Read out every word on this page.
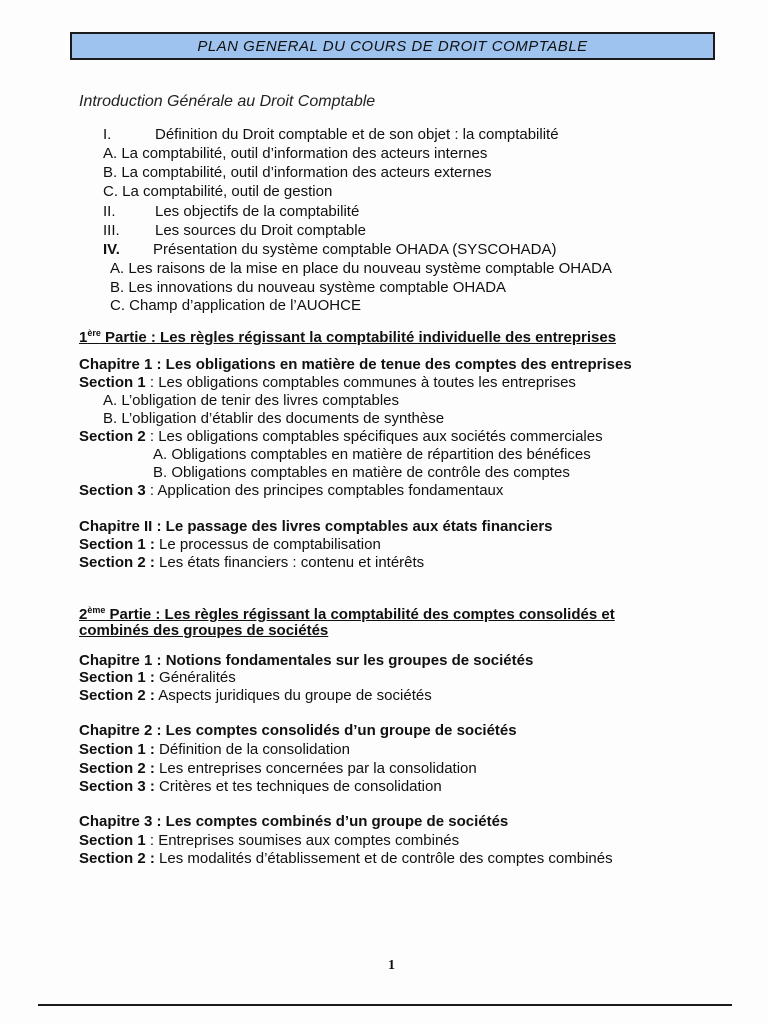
PLAN GENERAL DU COURS DE DROIT COMPTABLE
Introduction Générale au Droit Comptable
I.	Définition du Droit comptable et de son objet : la comptabilité
A. La comptabilité, outil d’information des acteurs internes
B. La comptabilité, outil d’information des acteurs externes
C. La comptabilité, outil de gestion
II.	Les objectifs de la comptabilité
III. Les sources du Droit comptable
IV. Présentation du système comptable OHADA (SYSCOHADA)
A. Les raisons de la mise en place du nouveau système comptable OHADA
B. Les innovations du nouveau système comptable OHADA
C. Champ d’application de l’AUOHCE
1ère Partie : Les règles régissant la comptabilité individuelle des entreprises
Chapitre 1 : Les obligations en matière de tenue des comptes des entreprises
Section 1 : Les obligations comptables communes à toutes les entreprises
A. L’obligation de tenir des livres comptables
B. L’obligation d’établir des documents de synthèse
Section 2 : Les obligations comptables spécifiques aux sociétés commerciales
A. Obligations comptables en matière de répartition des bénéfices
B. Obligations comptables en matière de contrôle des comptes
Section 3 : Application des principes comptables fondamentaux
Chapitre II : Le passage des livres comptables aux états financiers
Section 1 : Le processus de comptabilisation
Section 2 : Les états financiers : contenu et intérêts
2ème Partie : Les règles régissant la comptabilité des comptes consolidés et
combinés des groupes de sociétés
Chapitre 1 : Notions fondamentales sur les groupes de sociétés
Section 1 : Généralités
Section 2 : Aspects juridiques du groupe de sociétés
Chapitre 2 : Les comptes consolidés d’un groupe de sociétés
Section 1 : Définition de la consolidation
Section 2 : Les entreprises concernées par la consolidation
Section 3 : Critères et tes techniques de consolidation
Chapitre 3 : Les comptes combinés d’un groupe de sociétés
Section 1 : Entreprises soumises aux comptes combinés
Section 2 : Les modalités d’établissement et de contrôle des comptes combinés
1
